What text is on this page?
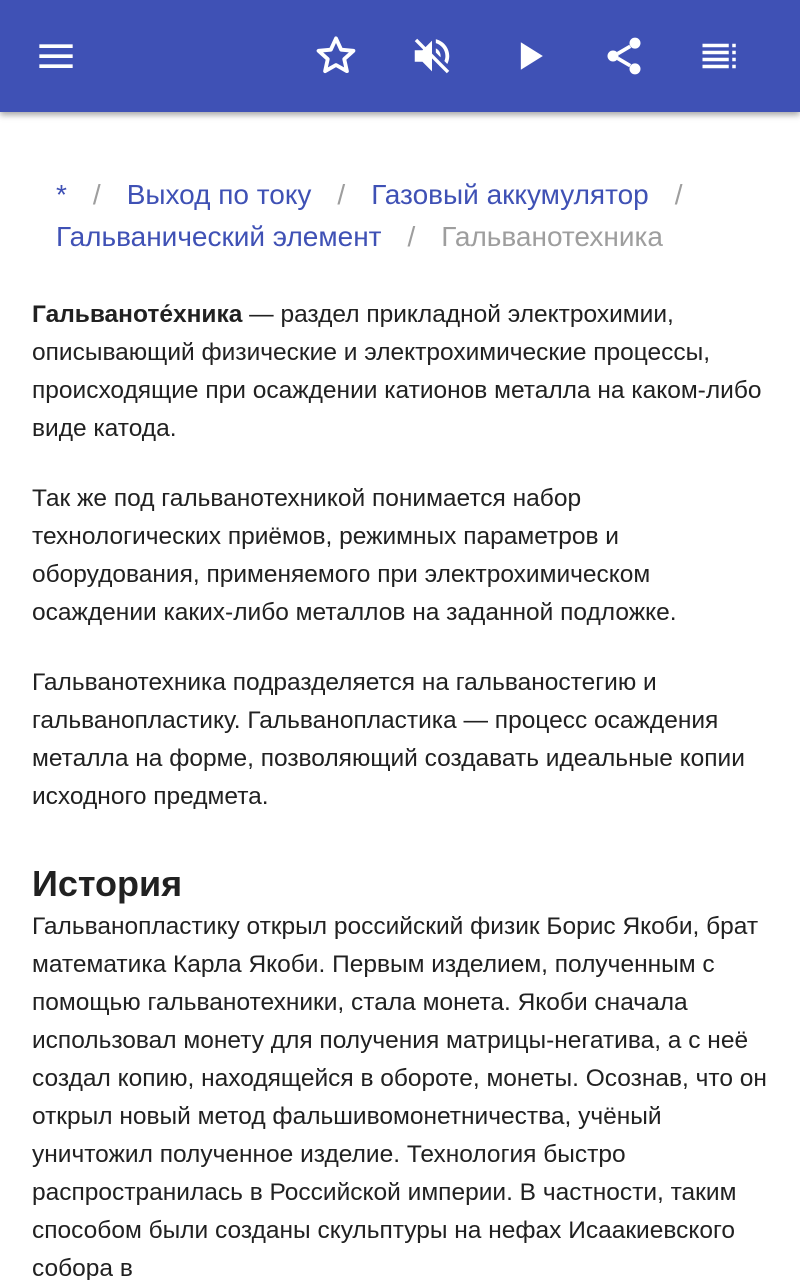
* / Выход по току / Газовый аккумулятор /
Гальванический элемент / Гальванотехника

Гальваноте́хника — раздел прикладной электрохимии, описывающий физические и электрохимические процессы, происходящие при осаждении катионов металла на каком-либо виде катода.

Так же под гальванотехникой понимается набор технологических приёмов, режимных параметров и оборудования, применяемого при электрохимическом осаждении каких-либо металлов на заданной подложке.

Гальванотехника подразделяется на гальваностегию и гальванопластику. Гальванопластика — процесс осаждения металла на форме, позволяющий создавать идеальные копии исходного предмета.

История

Гальванопластику открыл российский физик Борис Якоби, брат математика Карла Якоби. Первым изделием, полученным с помощью гальванотехники, стала монета. Якоби сначала использовал монету для получения матрицы-негатива, а с неё создал копию, находящейся в обороте, монеты. Осознав, что он открыл новый метод фальшивомонетничества, учёный уничтожил полученное изделие. Технология быстро распространилась в Российской империи. В частности, таким способом были созданы скульптуры на нефах Исаакиевского собора в
